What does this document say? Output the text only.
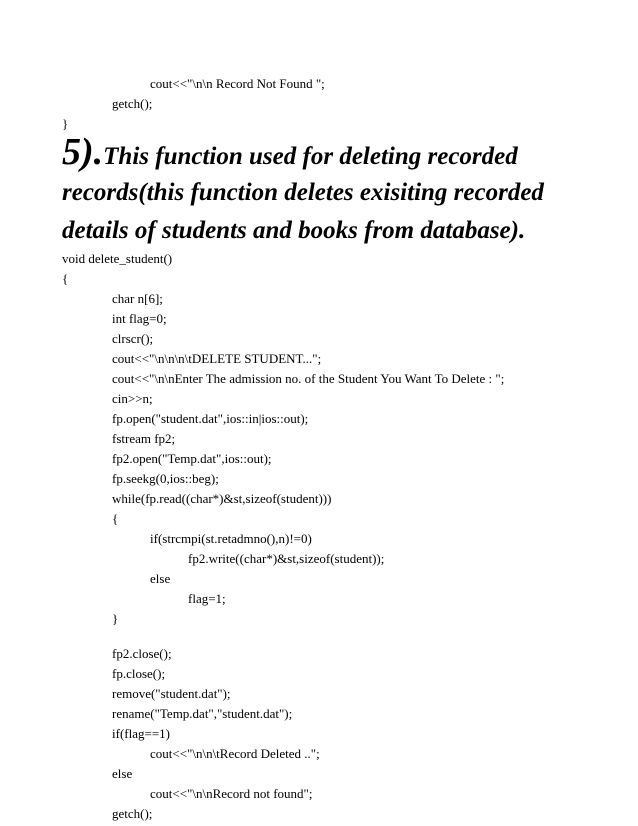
cout<<"\n\n Record Not Found ";
getch();
}
5).This function used for deleting recorded
records(this function deletes exisiting recorded
details of students and books from database).
void delete_student()
{
char n[6];
int flag=0;
clrscr();
cout<<"\n\n\n\tDELETE STUDENT...";
cout<<"\n\nEnter The admission no. of the Student You Want To Delete : ";
cin>>n;
fp.open("student.dat",ios::in|ios::out);
fstream fp2;
fp2.open("Temp.dat",ios::out);
fp.seekg(0,ios::beg);
while(fp.read((char*)&st,sizeof(student)))
{
if(strcmpi(st.retadmno(),n)!=0)
fp2.write((char*)&st,sizeof(student));
else
flag=1;
}
fp2.close();
fp.close();
remove("student.dat");
rename("Temp.dat","student.dat");
if(flag==1)
cout<<"\n\n\tRecord Deleted ..";
else
cout<<"\n\nRecord not found";
getch();
